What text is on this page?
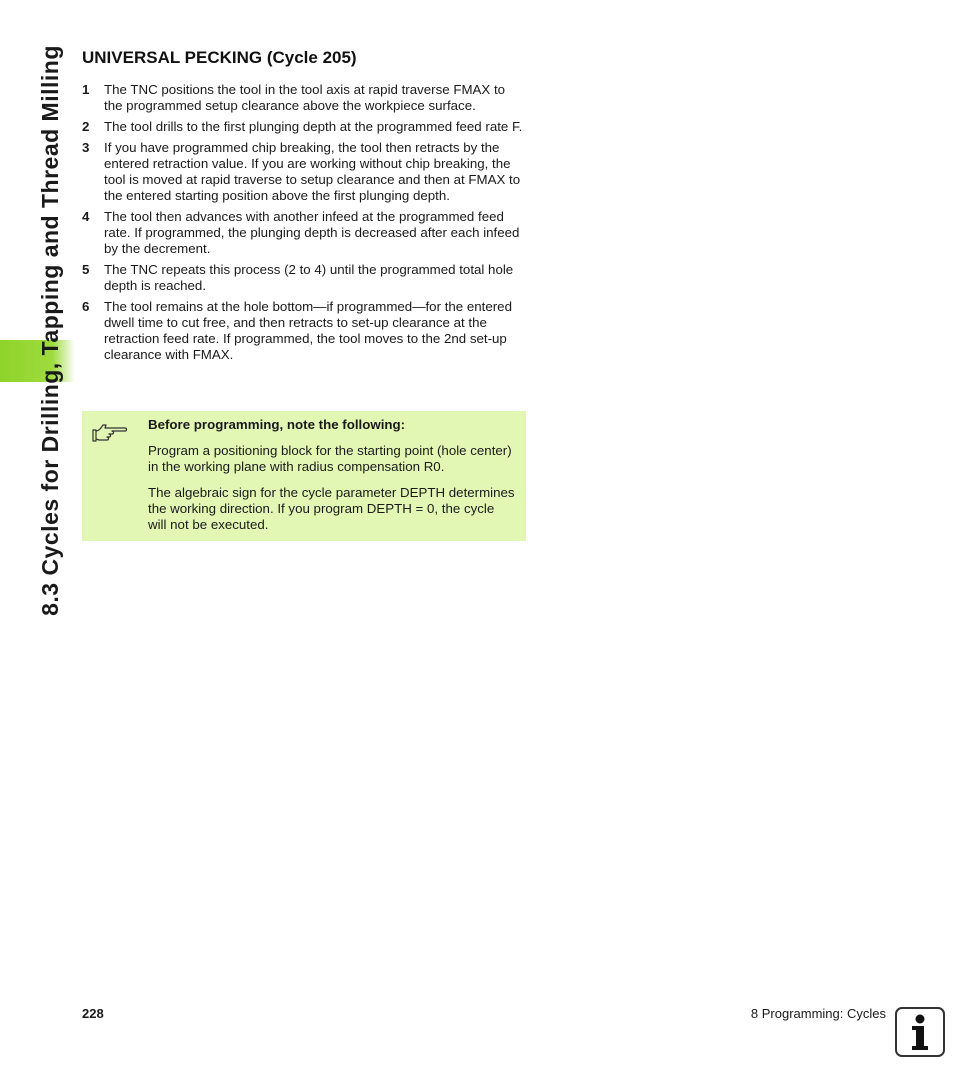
8.3 Cycles for Drilling, Tapping and Thread Milling UNIVERSAL PECKING (Cycle 205)
1 The TNC positions the tool in the tool axis at rapid traverse FMAX to the programmed setup clearance above the workpiece surface.
2 The tool drills to the first plunging depth at the programmed feed rate F.
3 If you have programmed chip breaking, the tool then retracts by the entered retraction value. If you are working without chip breaking, the tool is moved at rapid traverse to setup clearance and then at FMAX to the entered starting position above the first plunging depth.
4 The tool then advances with another infeed at the programmed feed rate. If programmed, the plunging depth is decreased after each infeed by the decrement.
5 The TNC repeats this process (2 to 4) until the programmed total hole depth is reached.
6 The tool remains at the hole bottom—if programmed—for the entered dwell time to cut free, and then retracts to set-up clearance at the retraction feed rate. If programmed, the tool moves to the 2nd set-up clearance with FMAX.
Before programming, note the following:

Program a positioning block for the starting point (hole center) in the working plane with radius compensation R0.

The algebraic sign for the cycle parameter DEPTH determines the working direction. If you program DEPTH = 0, the cycle will not be executed.

228	8 Programming: Cycles
